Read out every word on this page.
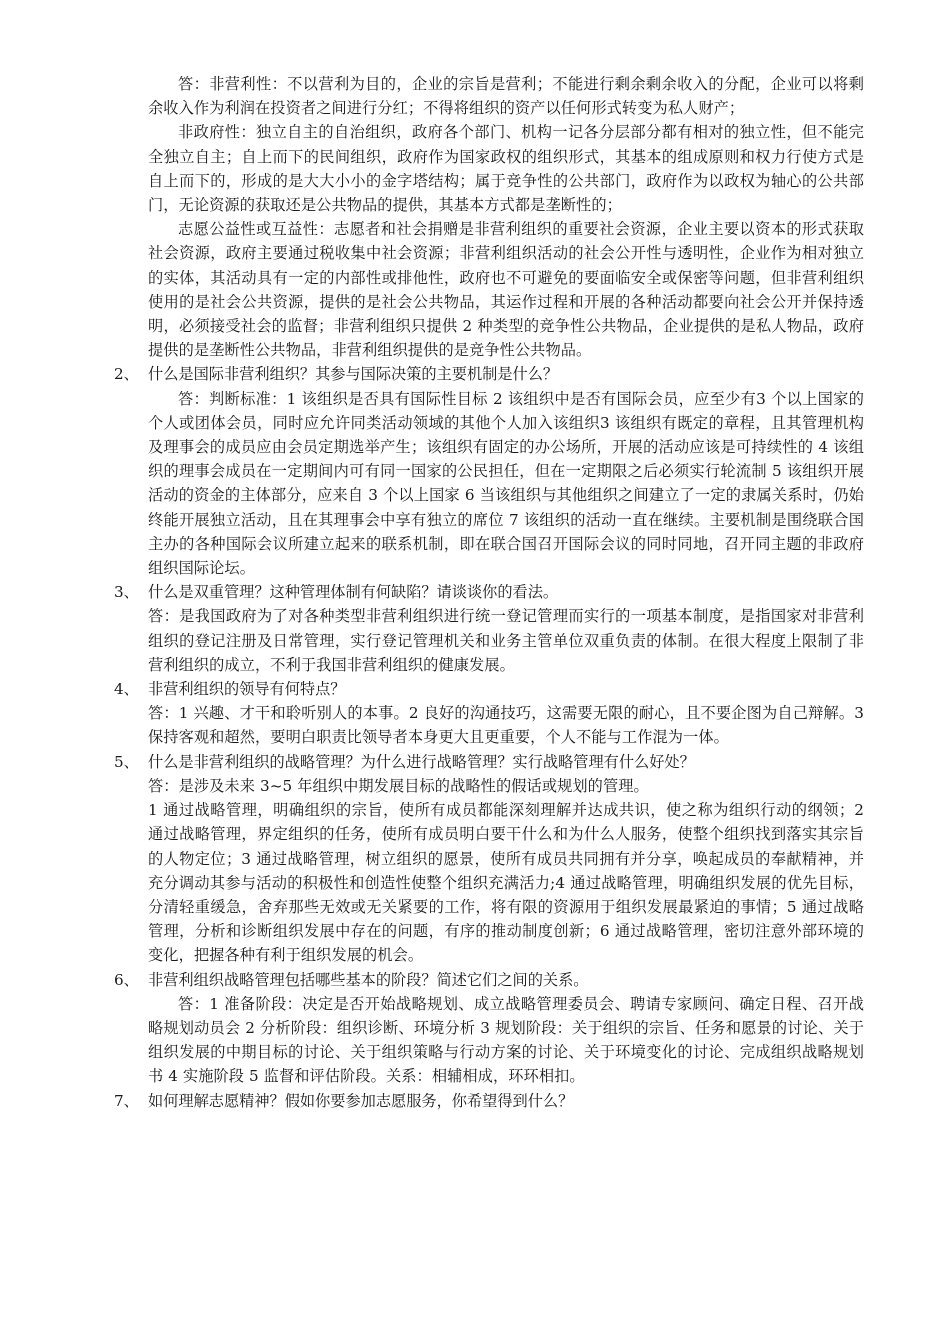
答：非营利性：不以营利为目的，企业的宗旨是营利；不能进行剩余剩余收入的分配，企业可以将剩余收入作为利润在投资者之间进行分红；不得将组织的资产以任何形式转变为私人财产；

非政府性：独立自主的自治组织，政府各个部门、机构一记各分层部分都有相对的独立性，但不能完全独立自主；自上而下的民间组织，政府作为国家政权的组织形式，其基本的组成原则和权力行使方式是自上而下的，形成的是大大小小的金字塔结构；属于竞争性的公共部门，政府作为以政权为轴心的公共部门，无论资源的获取还是公共物品的提供，其基本方式都是垄断性的；

志愿公益性或互益性：志愿者和社会捐赠是非营利组织的重要社会资源，企业主要以资本的形式获取社会资源，政府主要通过税收集中社会资源；非营利组织活动的社会公开性与透明性，企业作为相对独立的实体，其活动具有一定的内部性或排他性，政府也不可避免的要面临安全或保密等问题，但非营利组织使用的是社会公共资源，提供的是社会公共物品，其运作过程和开展的各种活动都要向社会公开并保持透明，必须接受社会的监督；非营利组织只提供 2 种类型的竞争性公共物品，企业提供的是私人物品，政府提供的是垄断性公共物品，非营利组织提供的是竞争性公共物品。

2、 什么是国际非营利组织？其参与国际决策的主要机制是什么？

答：判断标准：1 该组织是否具有国际性目标 2 该组织中是否有国际会员，应至少有3 个以上国家的个人或团体会员，同时应允许同类活动领域的其他个人加入该组织3 该组织有既定的章程，且其管理机构及理事会的成员应由会员定期选举产生；该组织有固定的办公场所，开展的活动应该是可持续性的 4 该组织的理事会成员在一定期间内可有同一国家的公民担任，但在一定期限之后必须实行轮流制 5 该组织开展活动的资金的主体部分，应来自 3 个以上国家 6 当该组织与其他组织之间建立了一定的隶属关系时，仍始终能开展独立活动，且在其理事会中享有独立的席位 7 该组织的活动一直在继续。主要机制是围绕联合国主办的各种国际会议所建立起来的联系机制，即在联合国召开国际会议的同时同地，召开同主题的非政府组织国际论坛。

3、 什么是双重管理？这种管理体制有何缺陷？请谈谈你的看法。

答：是我国政府为了对各种类型非营利组织进行统一登记管理而实行的一项基本制度，是指国家对非营利组织的登记注册及日常管理，实行登记管理机关和业务主管单位双重负责的体制。在很大程度上限制了非营利组织的成立，不利于我国非营利组织的健康发展。

4、 非营利组织的领导有何特点？

答：1 兴趣、才干和聆听别人的本事。2 良好的沟通技巧，这需要无限的耐心，且不要企图为自己辩解。3 保持客观和超然，要明白职责比领导者本身更大且更重要，个人不能与工作混为一体。

5、 什么是非营利组织的战略管理？为什么进行战略管理？实行战略管理有什么好处？

答：是涉及未来 3~5 年组织中期发展目标的战略性的假话或规划的管理。

1 通过战略管理，明确组织的宗旨，使所有成员都能深刻理解并达成共识，使之称为组织行动的纲领；2 通过战略管理，界定组织的任务，使所有成员明白要干什么和为什么人服务，使整个组织找到落实其宗旨的人物定位；3 通过战略管理，树立组织的愿景，使所有成员共同拥有并分享，唤起成员的奉献精神，并充分调动其参与活动的积极性和创造性使整个组织充满活力;4 通过战略管理，明确组织发展的优先目标，分清轻重缓急，舍弃那些无效或无关紧要的工作，将有限的资源用于组织发展最紧迫的事情；5 通过战略管理，分析和诊断组织发展中存在的问题，有序的推动制度创新；6 通过战略管理，密切注意外部环境的变化，把握各种有利于组织发展的机会。

6、 非营利组织战略管理包括哪些基本的阶段？简述它们之间的关系。

答：1 准备阶段：决定是否开始战略规划、成立战略管理委员会、聘请专家顾问、确定日程、召开战略规划动员会 2 分析阶段：组织诊断、环境分析 3 规划阶段：关于组织的宗旨、任务和愿景的讨论、关于组织发展的中期目标的讨论、关于组织策略与行动方案的讨论、关于环境变化的讨论、完成组织战略规划书 4 实施阶段 5 监督和评估阶段。关系：相辅相成，环环相扣。

7、 如何理解志愿精神？假如你要参加志愿服务，你希望得到什么？
